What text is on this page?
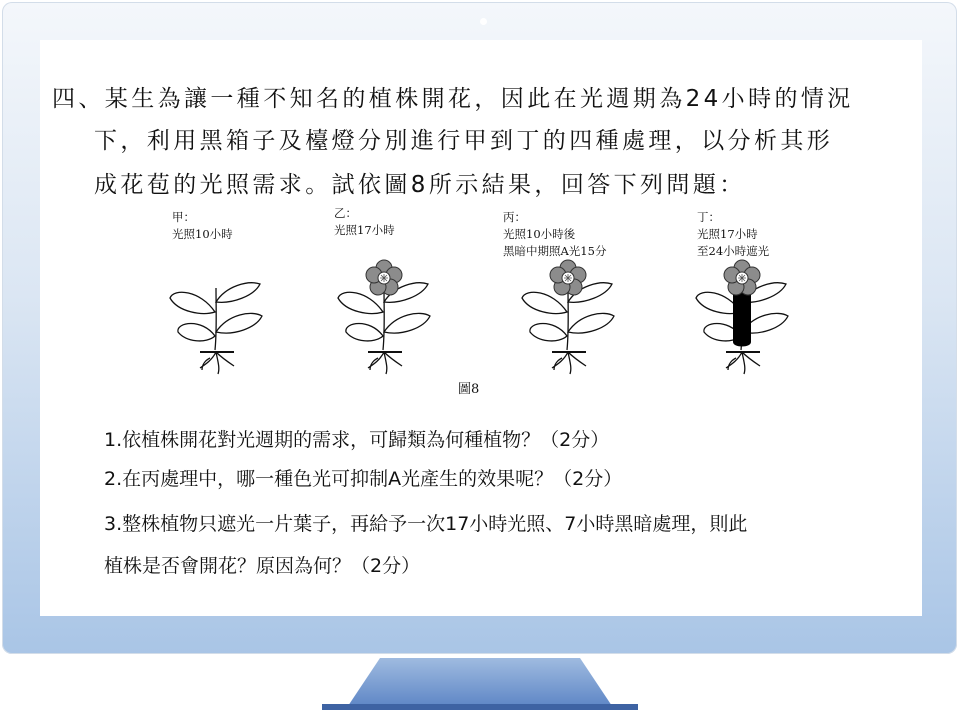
四、某生為讓一種不知名的植株開花，因此在光週期為24小時的情況
下，利用黑箱子及檯燈分別進行甲到丁的四種處理，以分析其形
成花苞的光照需求。試依圖8所示結果，回答下列問題：
甲：
光照10小時
乙：
光照17小時
丙：
光照10小時後
黑暗中期照A光15分
丁：
光照17小時
至24小時遮光
圖8
1.依植株開花對光週期的需求，可歸類為何種植物？（2分）
2.在丙處理中，哪一種色光可抑制A光產生的效果呢？（2分）
3.整株植物只遮光一片葉子，再給予一次17小時光照、7小時黑暗處理，則此
植株是否會開花？原因為何？（2分）
